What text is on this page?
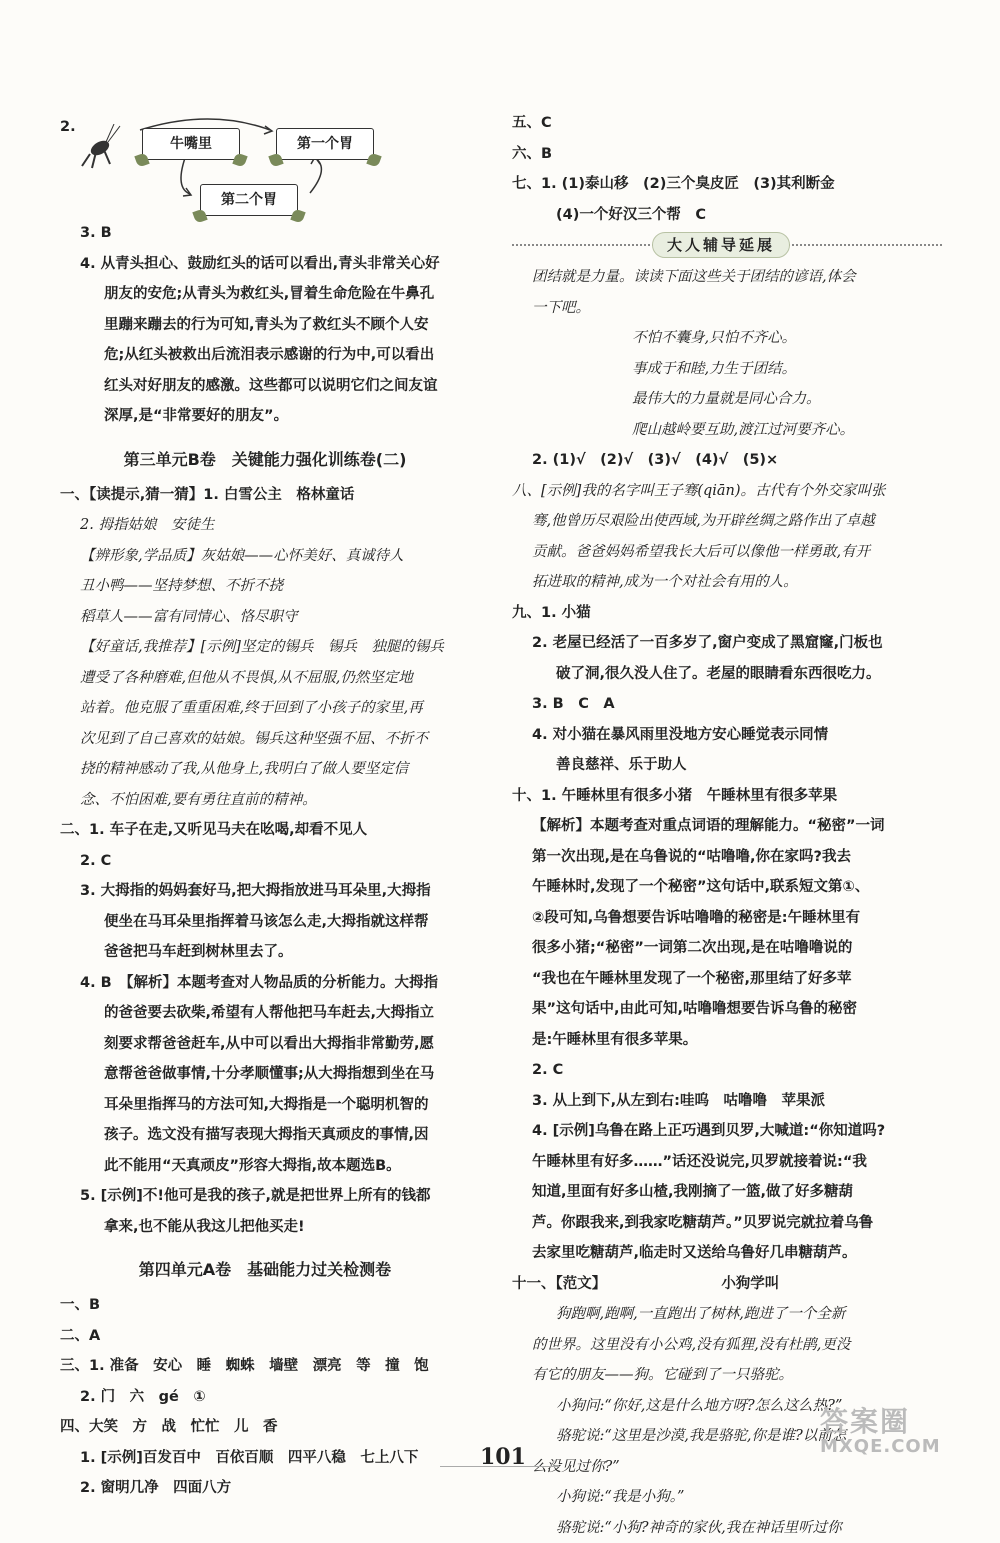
2.
牛嘴里	第一个胃
第二个胃
3. B
4. 从青头担心、鼓励红头的话可以看出,青头非常关心好
朋友的安危;从青头为救红头,冒着生命危险在牛鼻孔
里蹦来蹦去的行为可知,青头为了救红头不顾个人安
危;从红头被救出后流泪表示感谢的行为中,可以看出
红头对好朋友的感激。这些都可以说明它们之间友谊
深厚,是“非常要好的朋友”。
第三单元B卷　关键能力强化训练卷(二)
一、【读提示,猜一猜】1. 白雪公主　格林童话
2. 拇指姑娘　安徒生
【辨形象,学品质】灰姑娘——心怀美好、真诚待人
丑小鸭——坚持梦想、不折不挠
稻草人——富有同情心、恪尽职守
【好童话,我推荐】[示例]坚定的锡兵　锡兵　独腿的锡兵
遭受了各种磨难,但他从不畏惧,从不屈服,仍然坚定地
站着。他克服了重重困难,终于回到了小孩子的家里,再
次见到了自己喜欢的姑娘。锡兵这种坚强不屈、不折不
挠的精神感动了我,从他身上,我明白了做人要坚定信
念、不怕困难,要有勇往直前的精神。
二、1. 车子在走,又听见马夫在吆喝,却看不见人
2. C
3. 大拇指的妈妈套好马,把大拇指放进马耳朵里,大拇指
便坐在马耳朵里指挥着马该怎么走,大拇指就这样帮
爸爸把马车赶到树林里去了。
4. B　【解析】本题考查对人物品质的分析能力。大拇指
的爸爸要去砍柴,希望有人帮他把马车赶去,大拇指立
刻要求帮爸爸赶车,从中可以看出大拇指非常勤劳,愿
意帮爸爸做事情,十分孝顺懂事;从大拇指想到坐在马
耳朵里指挥马的方法可知,大拇指是一个聪明机智的
孩子。选文没有描写表现大拇指天真顽皮的事情,因
此不能用“天真顽皮”形容大拇指,故本题选B。
5. [示例]不!他可是我的孩子,就是把世界上所有的钱都
拿来,也不能从我这儿把他买走!
第四单元A卷　基础能力过关检测卷
一、B
二、A
三、1. 准备　安心　睡　蜘蛛　墙壁　漂亮　等　撞　饱
2. 门　六　gé　①
四、大笑　方　战　忙忙　儿　香
1. [示例]百发百中　百依百顺　四平八稳　七上八下
2. 窗明几净　四面八方
五、C
六、B
七、1. (1)泰山移　(2)三个臭皮匠　(3)其利断金
(4)一个好汉三个帮　C
大人辅导延展
团结就是力量。读读下面这些关于团结的谚语,体会
一下吧。
不怕不囊身,只怕不齐心。
事成于和睦,力生于团结。
最伟大的力量就是同心合力。
爬山越岭要互助,渡江过河要齐心。
2. (1)√　(2)√　(3)√　(4)√　(5)×
八、[示例]我的名字叫王子骞(qiān)。古代有个外交家叫张
骞,他曾历尽艰险出使西域,为开辟丝绸之路作出了卓越
贡献。爸爸妈妈希望我长大后可以像他一样勇敢,有开
拓进取的精神,成为一个对社会有用的人。
九、1. 小猫
2. 老屋已经活了一百多岁了,窗户变成了黑窟窿,门板也
破了洞,很久没人住了。老屋的眼睛看东西很吃力。
3. B　C　A
4. 对小猫在暴风雨里没地方安心睡觉表示同情
善良慈祥、乐于助人
十、1. 午睡林里有很多小猪　午睡林里有很多苹果
【解析】本题考查对重点词语的理解能力。“秘密”一词
第一次出现,是在乌鲁说的“咕噜噜,你在家吗?我去
午睡林时,发现了一个秘密”这句话中,联系短文第①、
②段可知,乌鲁想要告诉咕噜噜的秘密是:午睡林里有
很多小猪;“秘密”一词第二次出现,是在咕噜噜说的
“我也在午睡林里发现了一个秘密,那里结了好多苹
果”这句话中,由此可知,咕噜噜想要告诉乌鲁的秘密
是:午睡林里有很多苹果。
2. C
3. 从上到下,从左到右:哇呜　咕噜噜　苹果派
4. [示例]乌鲁在路上正巧遇到贝罗,大喊道:“你知道吗?
午睡林里有好多……”话还没说完,贝罗就接着说:“我
知道,里面有好多山楂,我刚摘了一篮,做了好多糖葫
芦。你跟我来,到我家吃糖葫芦。”贝罗说完就拉着乌鲁
去家里吃糖葫芦,临走时又送给乌鲁好几串糖葫芦。
十一、【范文】	小狗学叫
狗跑啊,跑啊,一直跑出了树林,跑进了一个全新
的世界。这里没有小公鸡,没有狐狸,没有杜鹃,更没
有它的朋友——狗。它碰到了一只骆驼。
小狗问:“你好,这是什么地方呀?怎么这么热?”
骆驼说:“这里是沙漠,我是骆驼,你是谁?以前怎
么没见过你?”
小狗说:“我是小狗。”
骆驼说:“小狗?神奇的家伙,我在神话里听过你
101
答案圈
MXQE.COM
